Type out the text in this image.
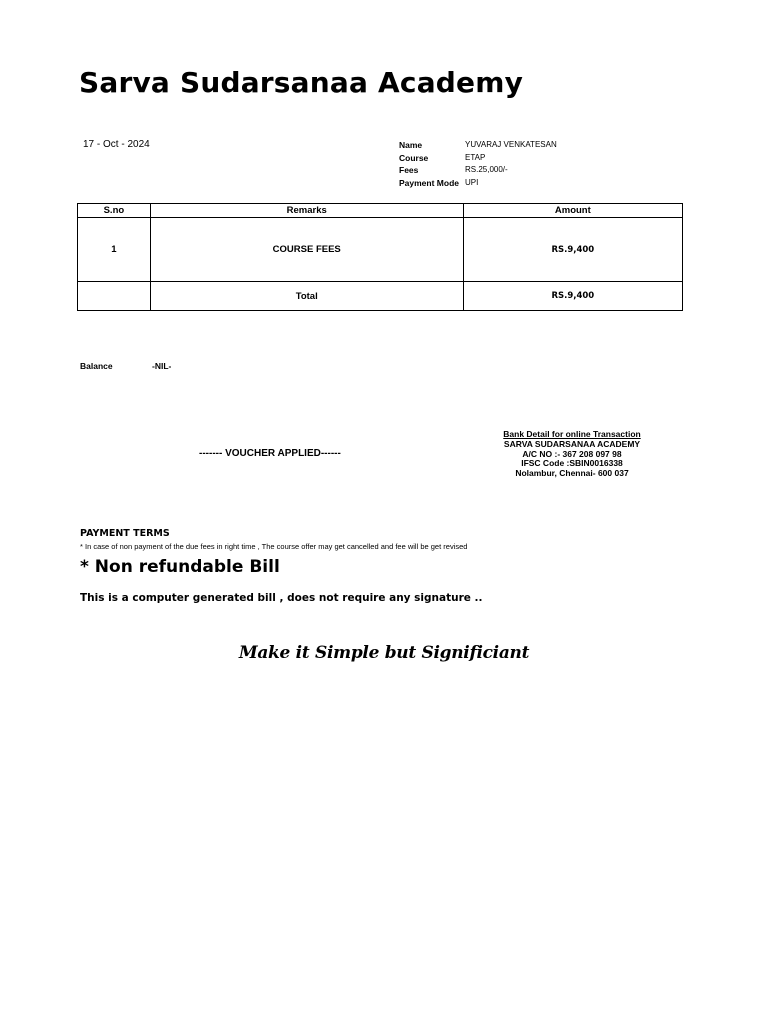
Sarva Sudarsanaa Academy
17 - Oct - 2024	Name	YUVARAJ VENKATESAN
Course	ETAP
Fees	RS.25,000/-
Payment Mode UPI
S.no	Remarks	Amount
1	COURSE FEES	RS.9,400
	Total	RS.9,400
Balance	-NIL-
------- VOUCHER APPLIED------
Bank Detail for online Transaction
SARVA SUDARSANAA ACADEMY
A/C NO :- 367 208 097 98
IFSC Code :SBIN0016338
Nolambur, Chennai- 600 037
PAYMENT TERMS
* In case of non payment of the due fees in right time , The course offer may get cancelled and fee will be get revised
* Non refundable Bill
This is a computer generated bill , does not require any signature ..
Make it Simple but Significiant
